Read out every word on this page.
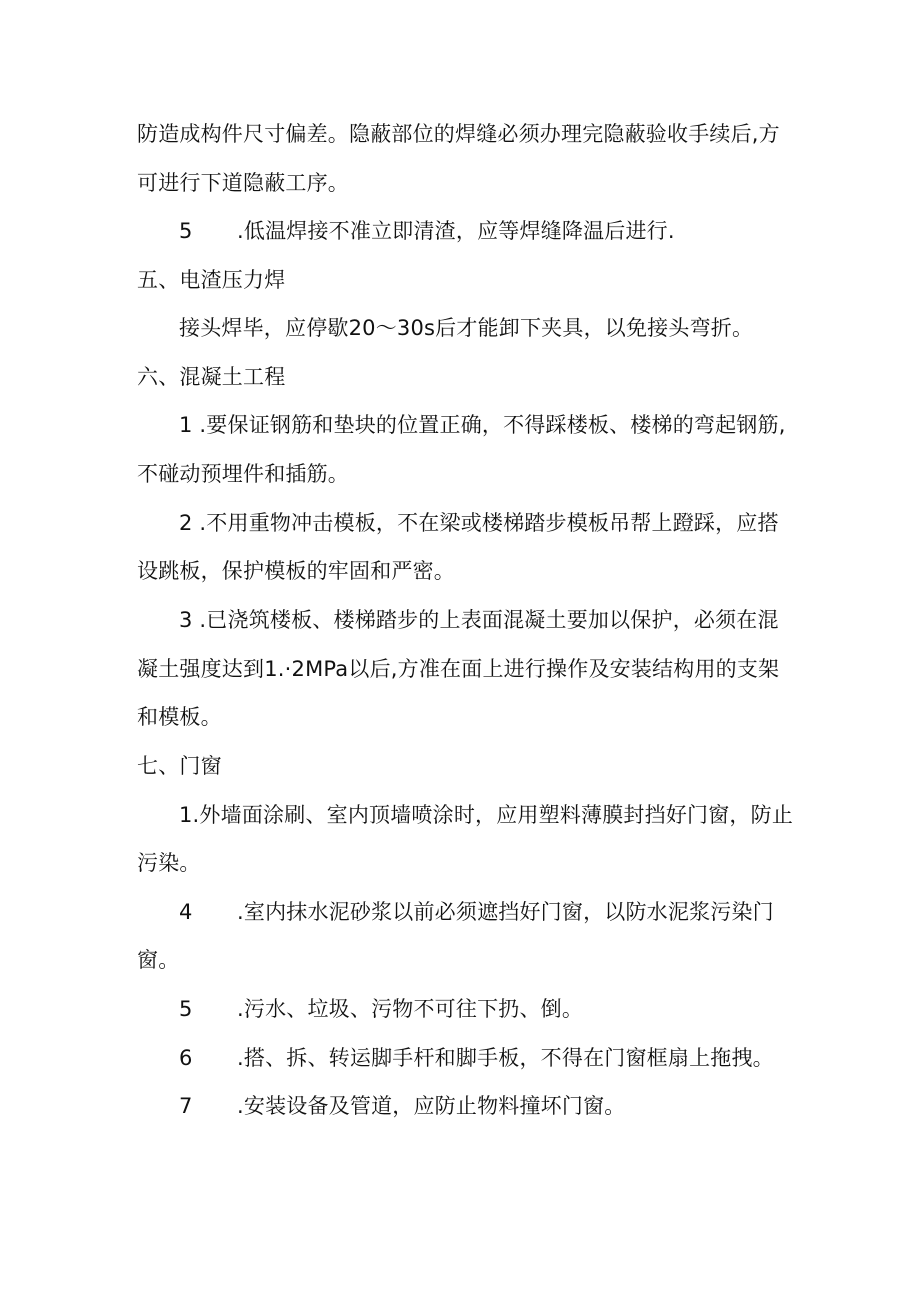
防造成构件尺寸偏差。隐蔽部位的焊缝必须办理完隐蔽验收手续后,方
可进行下道隐蔽工序。
5 .低温焊接不准立即清渣，应等焊缝降温后进行.
五、电渣压力焊
接头焊毕，应停歇20～30s后才能卸下夹具，以免接头弯折。
六、混凝土工程
1 .要保证钢筋和垫块的位置正确，不得踩楼板、楼梯的弯起钢筋,
不碰动预埋件和插筋。
2 .不用重物冲击模板，不在梁或楼梯踏步模板吊帮上蹬踩，应搭
设跳板，保护模板的牢固和严密。
3 .已浇筑楼板、楼梯踏步的上表面混凝土要加以保护，必须在混
凝土强度达到1.·2MPa以后,方准在面上进行操作及安装结构用的支架
和模板。
七、门窗
1.外墙面涂刷、室内顶墙喷涂时，应用塑料薄膜封挡好门窗，防止
污染。
4 .室内抹水泥砂浆以前必须遮挡好门窗，以防水泥浆污染门
窗。
5 .污水、垃圾、污物不可往下扔、倒。
6 .搭、拆、转运脚手杆和脚手板，不得在门窗框扇上拖拽。
7 .安装设备及管道，应防止物料撞坏门窗。
